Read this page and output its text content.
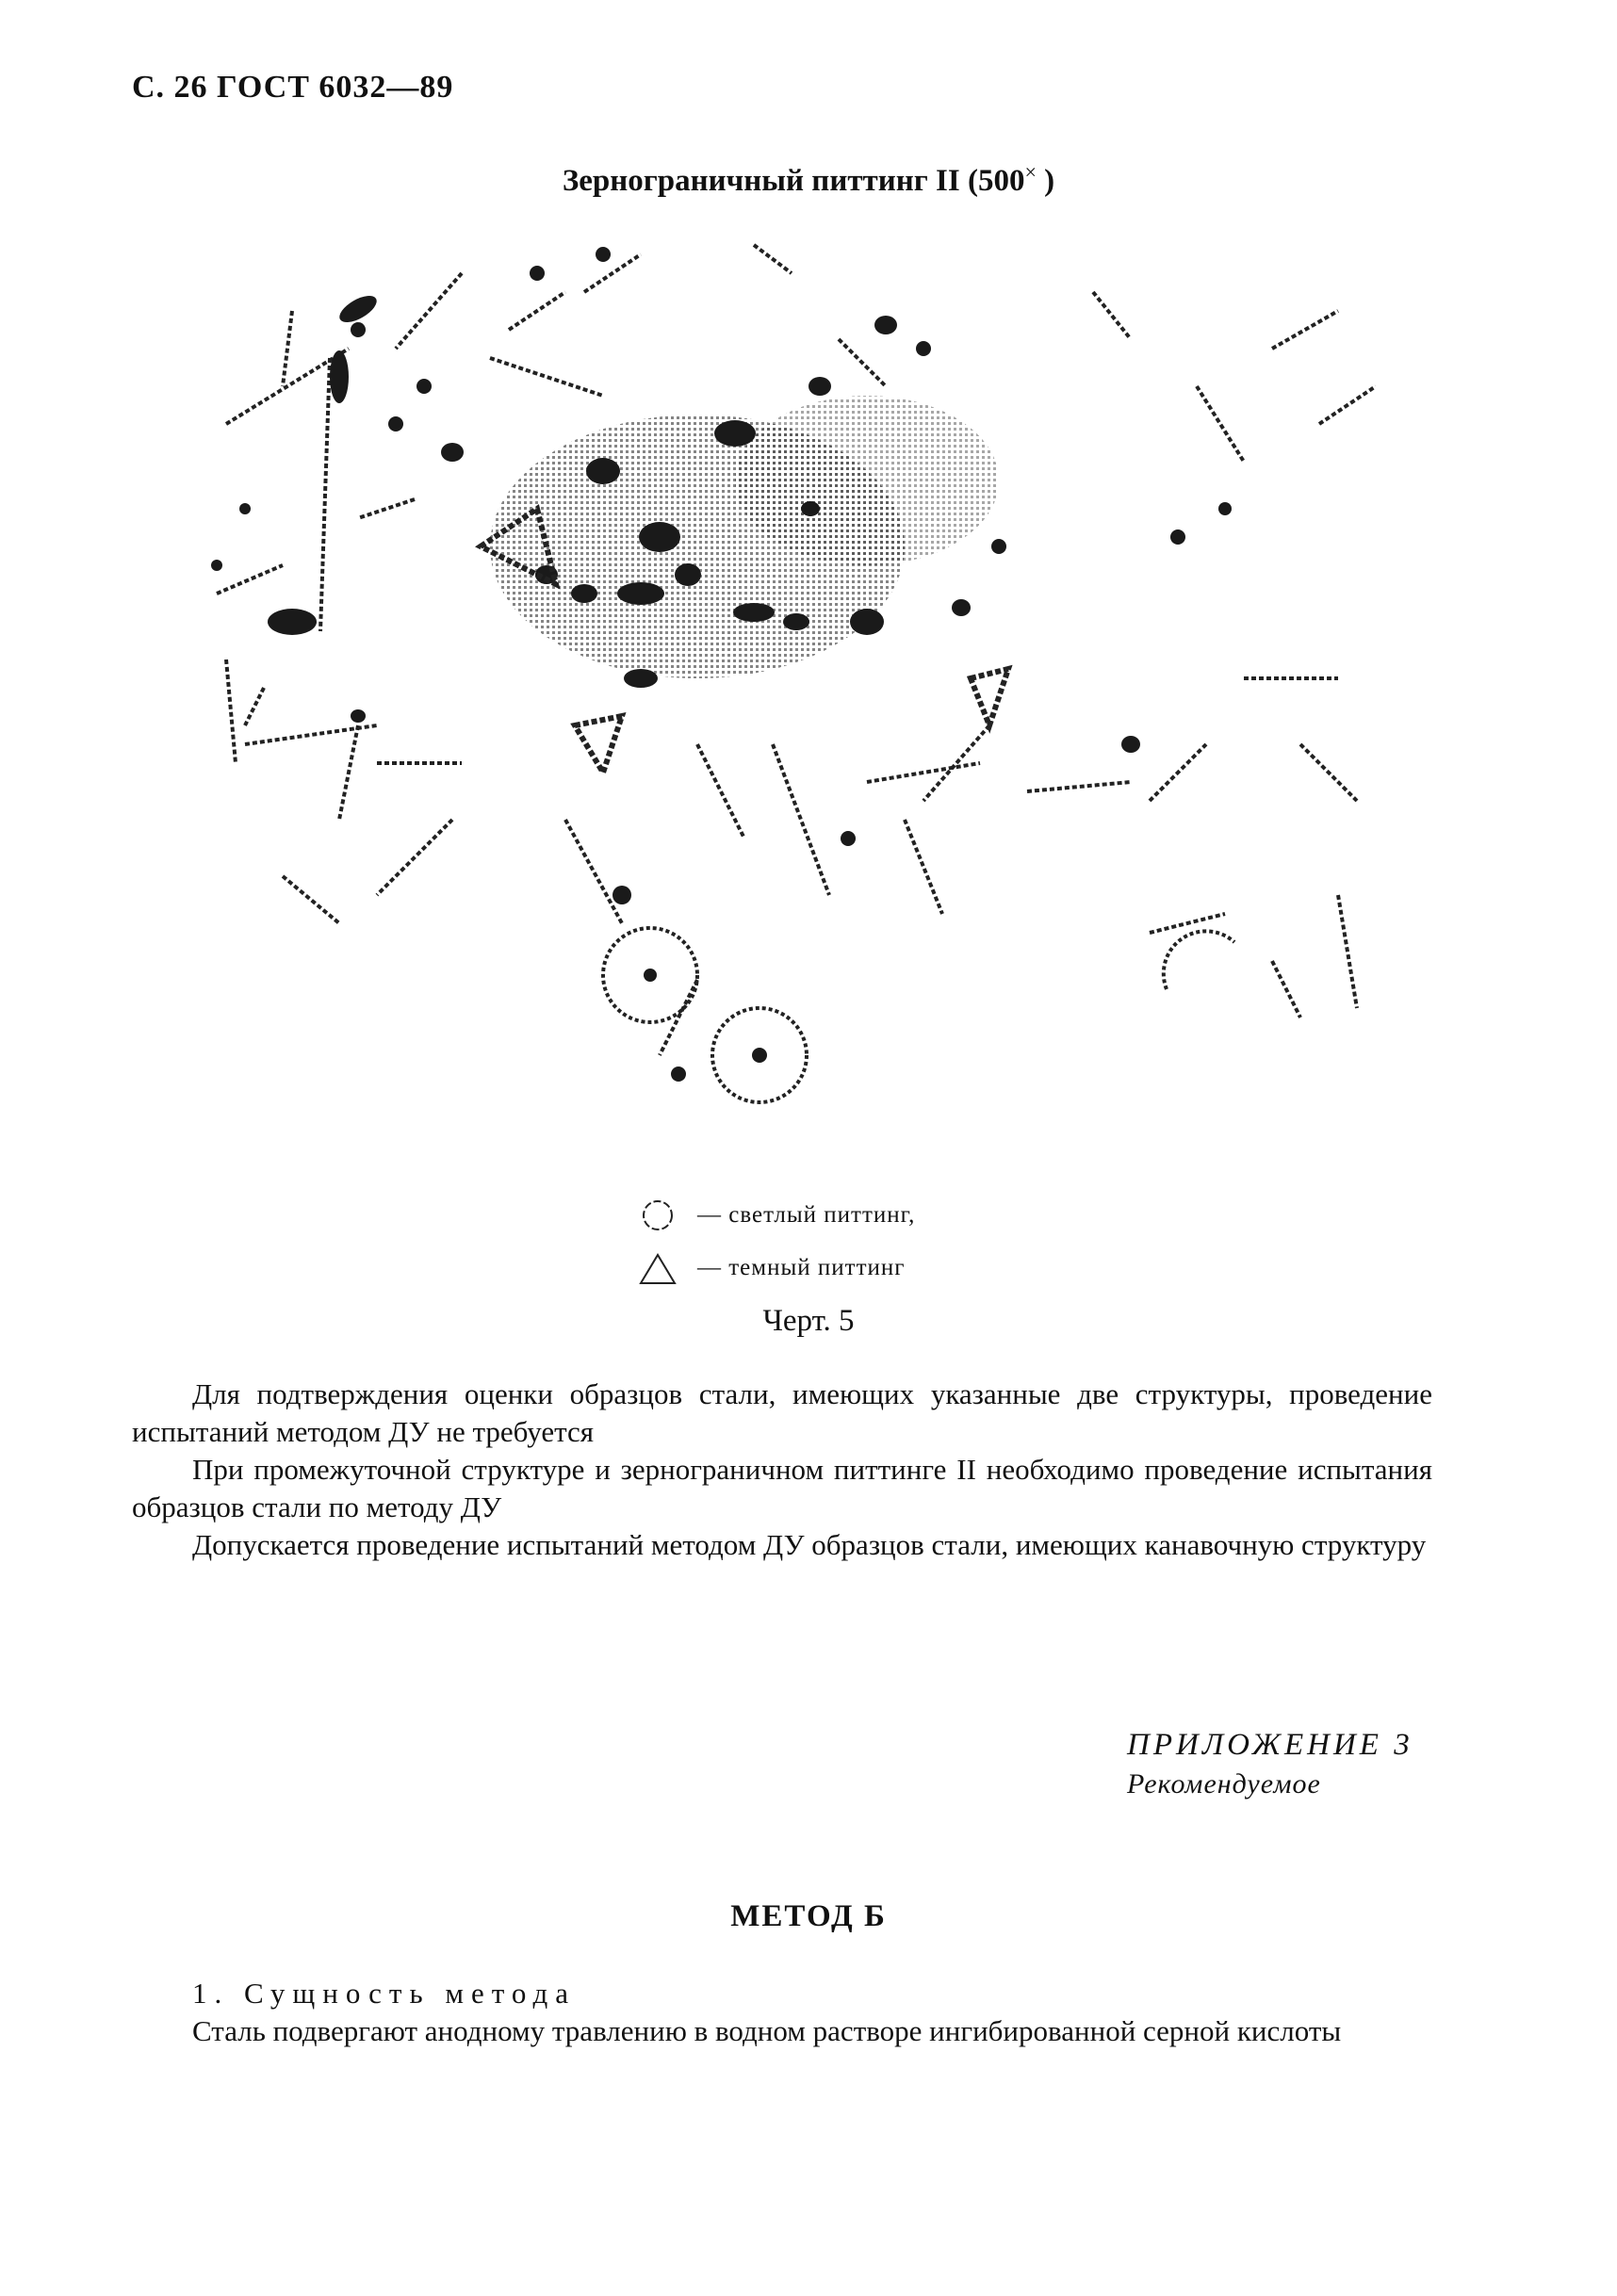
С. 26 ГОСТ 6032—89
Зернограничный питтинг II (500× )
— светлый питтинг,
— темный питтинг
Черт. 5

Для подтверждения оценки образцов стали, имеющих указанные две структуры, проведение испытаний методом ДУ не требуется

При промежуточной структуре и зернограничном питтинге II необходимо проведение испытания образцов стали по методу ДУ

Допускается проведение испытаний методом ДУ образцов стали, имеющих канавочную структуру

ПРИЛОЖЕНИЕ 3
Рекомендуемое
МЕТОД Б
1. Сущность метода

Сталь подвергают анодному травлению в водном растворе ингибированной серной кислоты
